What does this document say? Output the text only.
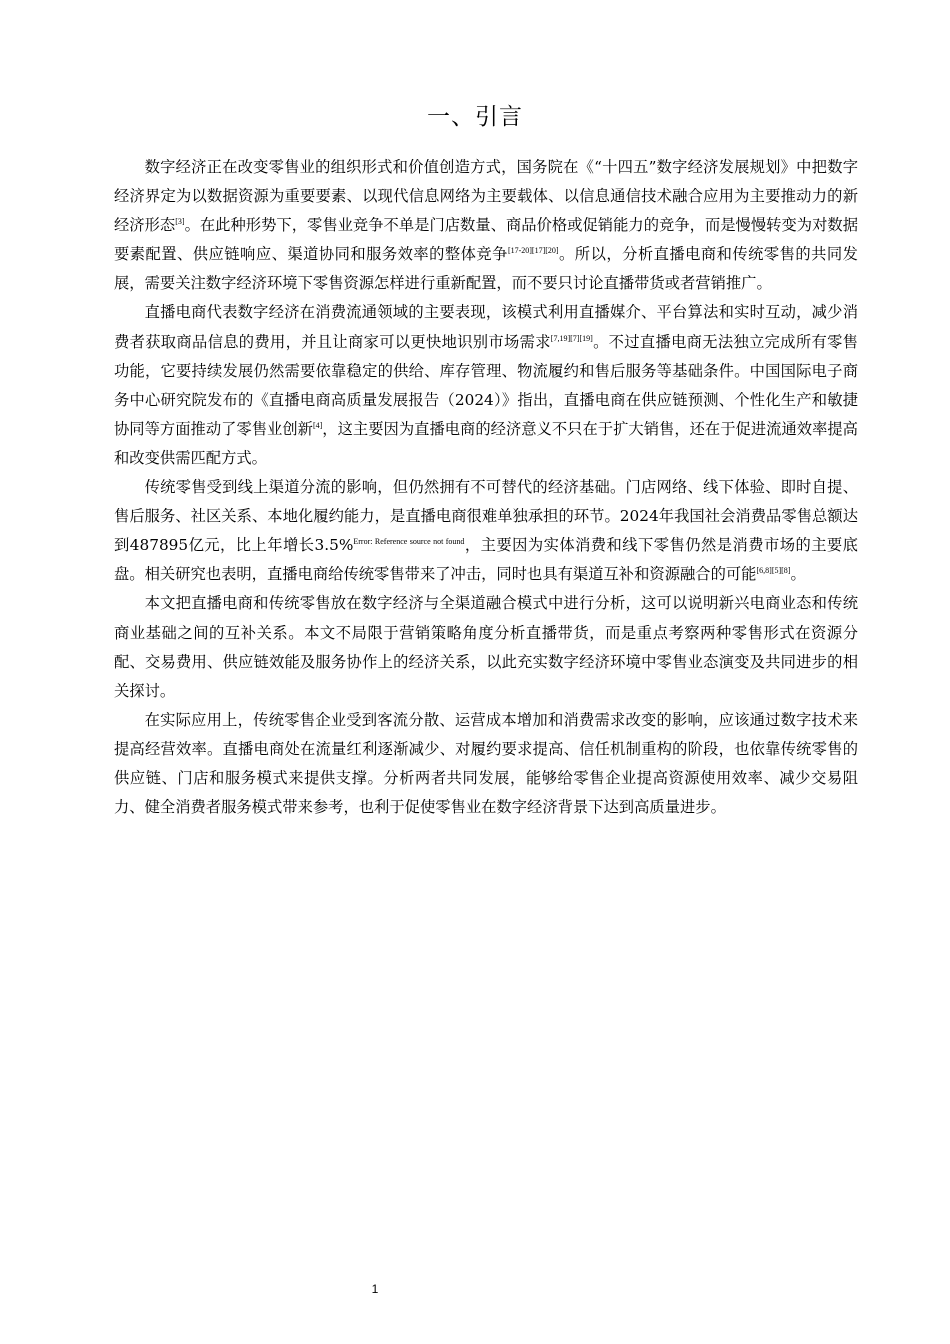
一、引言

数字经济正在改变零售业的组织形式和价值创造方式，国务院在《“十四五”数字经济发展规划》中把数字经济界定为以数据资源为重要要素、以现代信息网络为主要载体、以信息通信技术融合应用为主要推动力的新经济形态[3]。在此种形势下，零售业竞争不单是门店数量、商品价格或促销能力的竞争，而是慢慢转变为对数据要素配置、供应链响应、渠道协同和服务效率的整体竞争[17-20][17][20]。所以，分析直播电商和传统零售的共同发展，需要关注数字经济环境下零售资源怎样进行重新配置，而不要只讨论直播带货或者营销推广。

直播电商代表数字经济在消费流通领域的主要表现，该模式利用直播媒介、平台算法和实时互动，减少消费者获取商品信息的费用，并且让商家可以更快地识别市场需求[7,19][7][19]。不过直播电商无法独立完成所有零售功能，它要持续发展仍然需要依靠稳定的供给、库存管理、物流履约和售后服务等基础条件。中国国际电子商务中心研究院发布的《直播电商高质量发展报告（2024）》指出，直播电商在供应链预测、个性化生产和敏捷协同等方面推动了零售业创新[4]，这主要因为直播电商的经济意义不只在于扩大销售，还在于促进流通效率提高和改变供需匹配方式。

传统零售受到线上渠道分流的影响，但仍然拥有不可替代的经济基础。门店网络、线下体验、即时自提、售后服务、社区关系、本地化履约能力，是直播电商很难单独承担的环节。2024年我国社会消费品零售总额达到487895亿元，比上年增长3.5%$^{Error: Reference source not found}$，主要因为实体消费和线下零售仍然是消费市场的主要底盘。相关研究也表明，直播电商给传统零售带来了冲击，同时也具有渠道互补和资源融合的可能[6,8][5][8]。

本文把直播电商和传统零售放在数字经济与全渠道融合模式中进行分析，这可以说明新兴电商业态和传统商业基础之间的互补关系。本文不局限于营销策略角度分析直播带货，而是重点考察两种零售形式在资源分配、交易费用、供应链效能及服务协作上的经济关系，以此充实数字经济环境中零售业态演变及共同进步的相关探讨。

在实际应用上，传统零售企业受到客流分散、运营成本增加和消费需求改变的影响，应该通过数字技术来提高经营效率。直播电商处在流量红利逐渐减少、对履约要求提高、信任机制重构的阶段，也依靠传统零售的供应链、门店和服务模式来提供支撑。分析两者共同发展，能够给零售企业提高资源使用效率、减少交易阻力、健全消费者服务模式带来参考，也利于促使零售业在数字经济背景下达到高质量进步。

1
